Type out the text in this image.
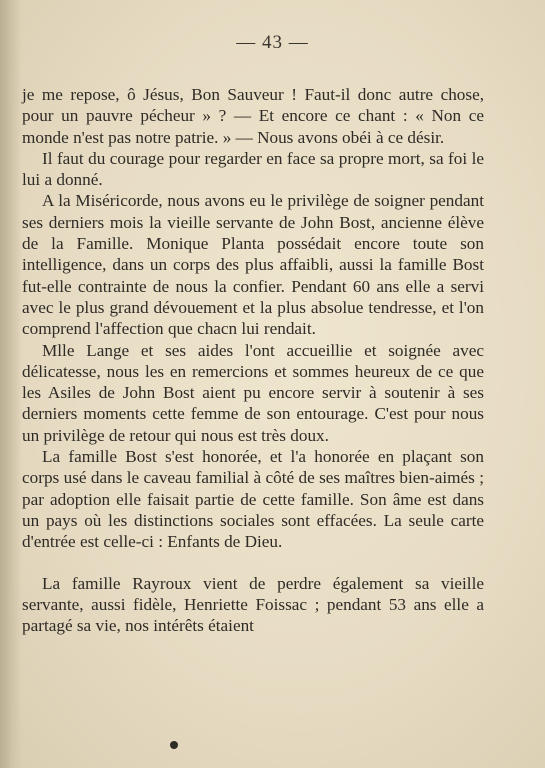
— 43 —

je me repose, ô Jésus, Bon Sauveur ! Faut-il donc autre chose, pour un pauvre pécheur » ? — Et encore ce chant : « Non ce monde n'est pas notre patrie. » — Nous avons obéi à ce désir.

Il faut du courage pour regarder en face sa propre mort, sa foi le lui a donné.

A la Miséricorde, nous avons eu le privilège de soigner pendant ses derniers mois la vieille servante de John Bost, ancienne élève de la Famille. Monique Planta possédait encore toute son intelligence, dans un corps des plus affaibli, aussi la famille Bost fut-elle contrainte de nous la confier. Pendant 60 ans elle a servi avec le plus grand dévouement et la plus absolue tendresse, et l'on comprend l'affection que chacn lui rendait.

Mlle Lange et ses aides l'ont accueillie et soignée avec délicatesse, nous les en remercions et sommes heureux de ce que les Asiles de John Bost aient pu encore servir à soutenir à ses derniers moments cette femme de son entourage. C'est pour nous un privilège de retour qui nous est très doux.

La famille Bost s'est honorée, et l'a honorée en plaçant son corps usé dans le caveau familial à côté de ses maîtres bien-aimés ; par adoption elle faisait partie de cette famille. Son âme est dans un pays où les distinctions sociales sont effacées. La seule carte d'entrée est celle-ci : Enfants de Dieu.

La famille Rayroux vient de perdre également sa vieille servante, aussi fidèle, Henriette Foissac ; pendant 53 ans elle a partagé sa vie, nos intérêts étaient
